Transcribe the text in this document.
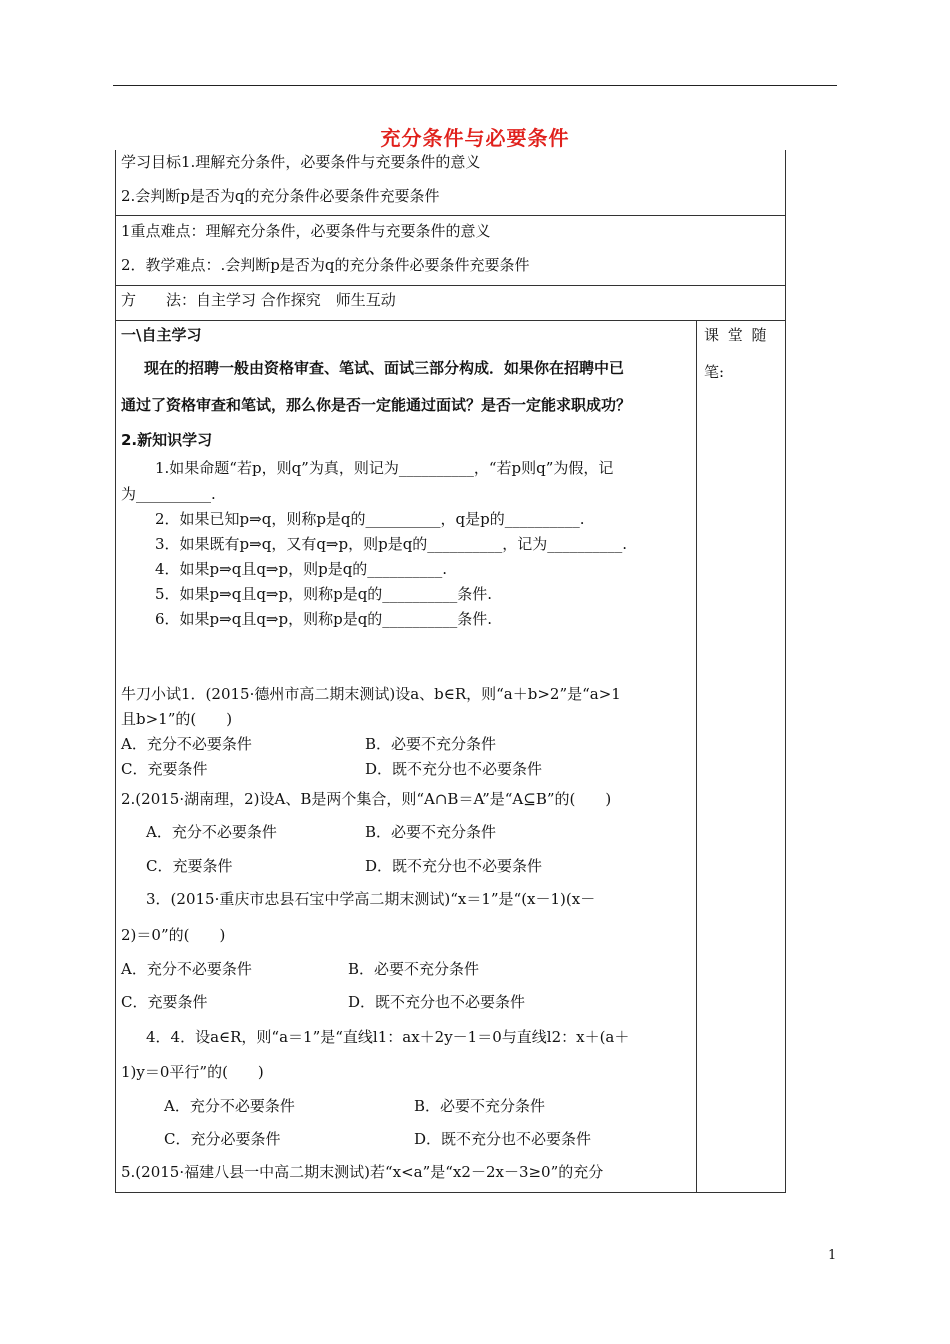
充分条件与必要条件
学习目标1.理解充分条件，必要条件与充要条件的意义
2.会判断p是否为q的充分条件必要条件充要条件
1重点难点：理解充分条件，必要条件与充要条件的意义
2．教学难点：.会判断p是否为q的充分条件必要条件充要条件
方　　法：自主学习 合作探究　师生互动
课 堂 随
笔:
一\自主学习
现在的招聘一般由资格审查、笔试、面试三部分构成．如果你在招聘中已
通过了资格审查和笔试，那么你是否一定能通过面试？是否一定能求职成功？
2.新知识学习
1.如果命题“若p，则q”为真，则记为__________，“若p则q”为假，记
为__________.
2．如果已知p⇒q，则称p是q的__________，q是p的__________.
3．如果既有p⇒q，又有q⇒p，则p是q的__________，记为__________.
4．如果p⇒q且q⇒p，则p是q的__________.
5．如果p⇒q且q⇒p，则称p是q的__________条件.
6．如果p⇒q且q⇒p，则称p是q的__________条件.
牛刀小试1．(2015·德州市高二期末测试)设a、b∈R，则“a＋b>2”是“a>1
且b>1”的(　　)
A．充分不必要条件	B．必要不充分条件
C．充要条件	D．既不充分也不必要条件
2.(2015·湖南理，2)设A、B是两个集合，则“A∩B＝A”是“A⊆B”的(　　)
A．充分不必要条件	B．必要不充分条件
C．充要条件	D．既不充分也不必要条件
3．(2015·重庆市忠县石宝中学高二期末测试)“x＝1”是“(x－1)(x－
2)＝0”的(　　)
A．充分不必要条件	B．必要不充分条件
C．充要条件	D．既不充分也不必要条件
4．4．设a∈R，则“a＝1”是“直线l1：ax＋2y－1＝0与直线l2：x＋(a＋
1)y＝0平行”的(　　)
A．充分不必要条件	B．必要不充分条件
C．充分必要条件	D．既不充分也不必要条件
5.(2015·福建八县一中高二期末测试)若“x<a”是“x2－2x－3≥0”的充分
1
